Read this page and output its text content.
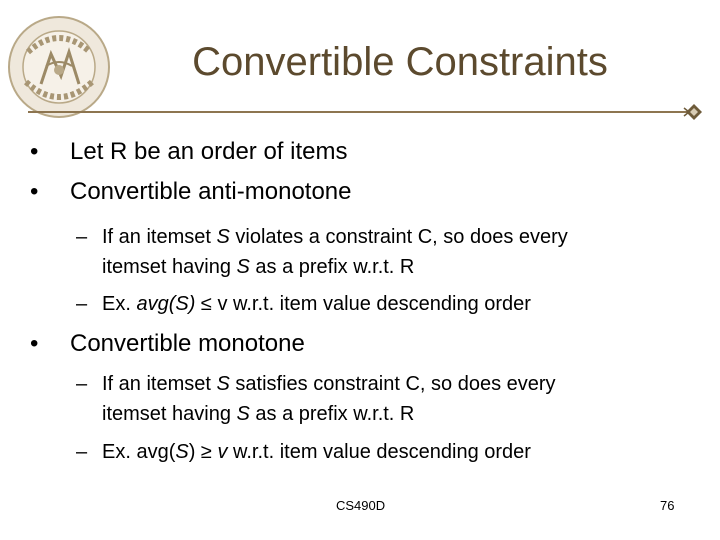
Convertible Constraints
• Let R be an order of items
• Convertible anti-monotone
– If an itemset S violates a constraint C, so does every
itemset having S as a prefix w.r.t. R
– Ex. avg(S) ≤ v w.r.t. item value descending order
• Convertible monotone
– If an itemset S satisfies constraint C, so does every
itemset having S as a prefix w.r.t. R
– Ex. avg(S) ≥ v w.r.t. item value descending order
CS490D	76
